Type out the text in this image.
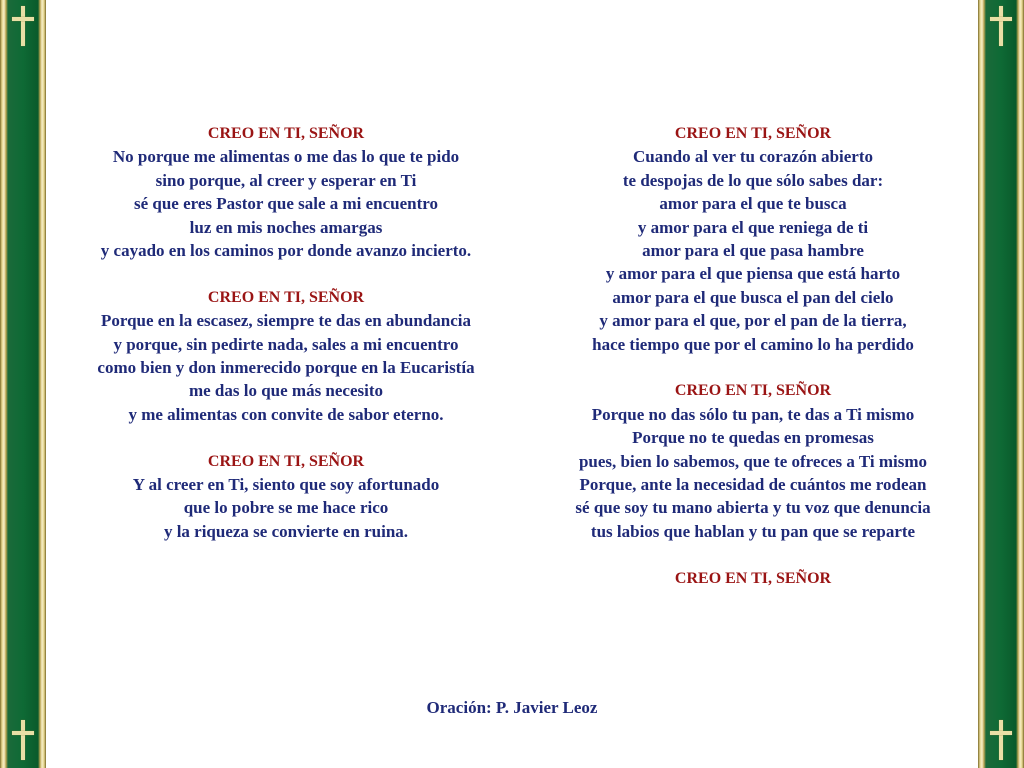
CREO EN TI, SEÑOR
No porque me alimentas o me das lo que te pido
sino porque, al creer y esperar en Ti
sé que eres Pastor que sale a mi encuentro
luz en mis noches amargas
y cayado en los caminos por donde avanzo incierto.
CREO EN TI, SEÑOR
Porque en la escasez, siempre te das en abundancia
y porque, sin pedirte nada, sales a mi encuentro
como bien y don inmerecido porque en la Eucaristía
me das lo que más necesito
y me alimentas con convite de sabor eterno.
CREO EN TI, SEÑOR
Y al creer en Ti, siento que soy afortunado
que lo pobre se me hace rico
y la riqueza se convierte en ruina.
CREO EN TI, SEÑOR
Cuando al ver tu corazón abierto
te despojas de lo que sólo sabes dar:
amor para el que te busca
y amor para el que reniega de ti
amor para el que pasa hambre
y amor para el que piensa que está harto
amor para el que busca el pan del cielo
y amor para el que, por el pan de la tierra,
hace tiempo que por el camino lo ha perdido
CREO EN TI, SEÑOR
Porque no das sólo tu pan, te das a Ti mismo
Porque no te quedas en promesas
pues, bien lo sabemos, que te ofreces a Ti mismo
Porque, ante la necesidad de cuántos me rodean
sé que soy tu mano abierta y tu voz que denuncia
tus labios que hablan y tu pan que se reparte
CREO EN TI, SEÑOR
Oración: P. Javier Leoz
